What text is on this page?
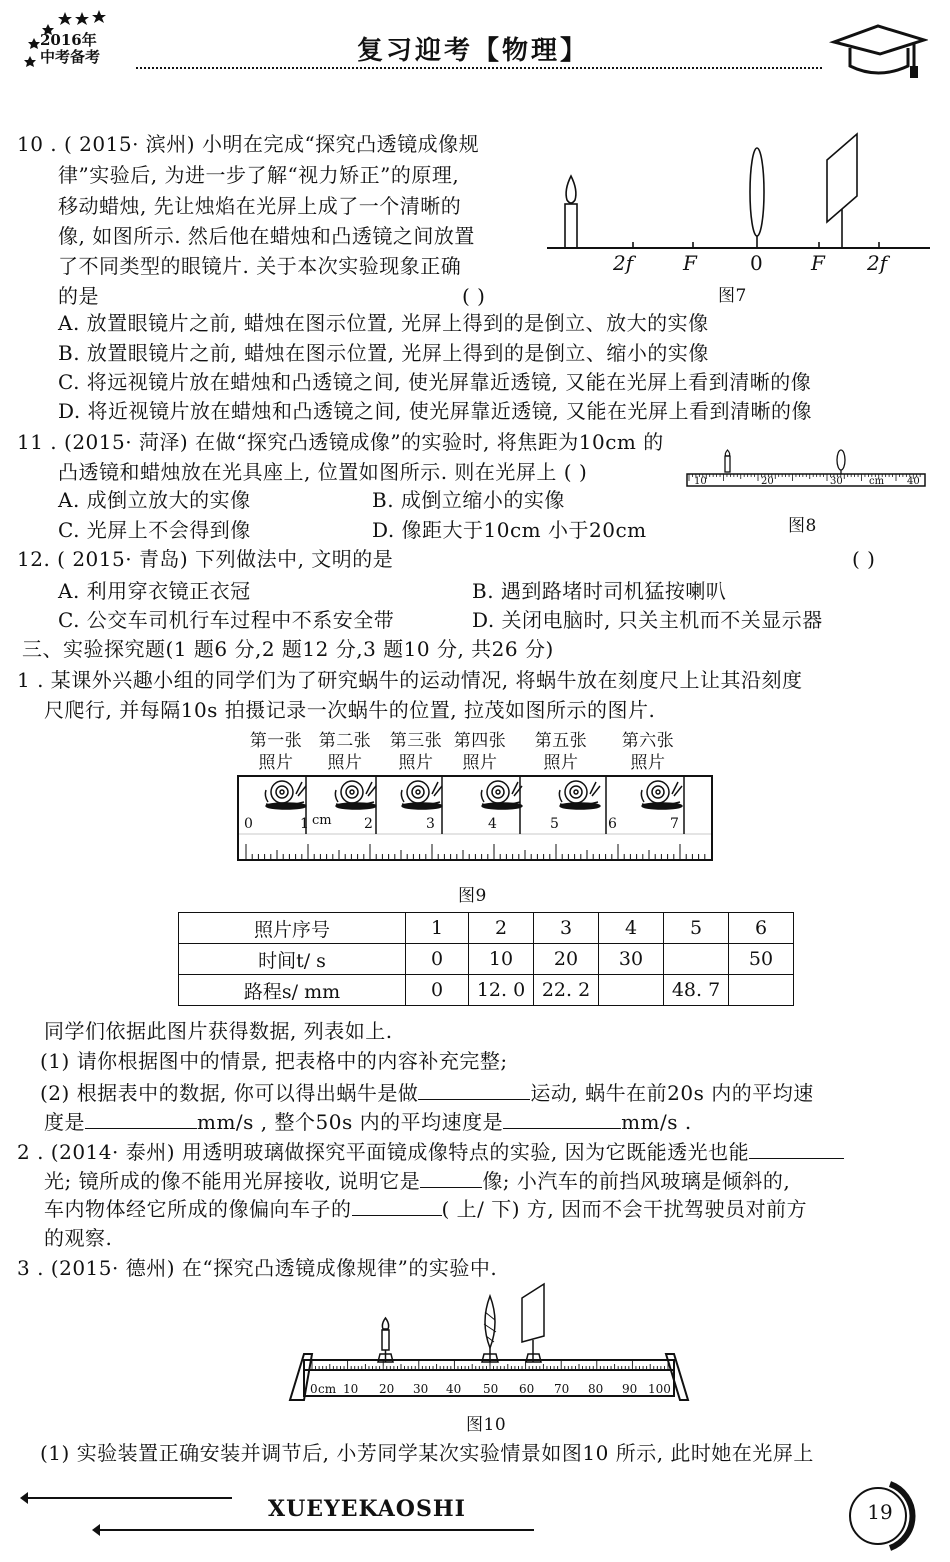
2016年
中考备考	复习迎考【物理】
10 . ( 2015· 滨州) 小明在完成“探究凸透镜成像规
律”实验后, 为进一步了解“视力矫正”的原理,
移动蜡烛, 先让烛焰在光屏上成了一个清晰的
像, 如图所示. 然后他在蜡烛和凸透镜之间放置
了不同类型的眼镜片. 关于本次实验现象正确
的是	( )
2f F	0 F 2f
图7
A. 放置眼镜片之前, 蜡烛在图示位置, 光屏上得到的是倒立、放大的实像
B. 放置眼镜片之前, 蜡烛在图示位置, 光屏上得到的是倒立、缩小的实像
C. 将远视镜片放在蜡烛和凸透镜之间, 使光屏靠近透镜, 又能在光屏上看到清晰的像
D. 将近视镜片放在蜡烛和凸透镜之间, 使光屏靠近透镜, 又能在光屏上看到清晰的像
11 . (2015· 菏泽) 在做“探究凸透镜成像”的实验时, 将焦距为10cm 的
凸透镜和蜡烛放在光具座上, 位置如图所示. 则在光屏上 ( )
A. 成倒立放大的实像	B. 成倒立缩小的实像
C. 光屏上不会得到像	D. 像距大于10cm 小于20cm
10	20	30	cm 40
图8
12. ( 2015· 青岛) 下列做法中, 文明的是	( )
A. 利用穿衣镜正衣冠	B. 遇到路堵时司机猛按喇叭
C. 公交车司机行车过程中不系安全带	D. 关闭电脑时, 只关主机而不关显示器
三、实验探究题(1 题6 分,2 题12 分,3 题10 分, 共26 分)
1 . 某课外兴趣小组的同学们为了研究蜗牛的运动情况, 将蜗牛放在刻度尺上让其沿刻度
尺爬行, 并每隔10s 拍摄记录一次蜗牛的位置, 拉茂如图所示的图片.
第一张
照片
第二张
照片
第三张
照片
第四张
照片
第五张
照片
第六张
照片
0	1 cm 2	3	4	5	6	7
图9
照片序号	1	2	3	4	5	6
时间t/ s	0	10	20	30		50
路程s/ mm	0	12. 0	22. 2		48. 7	
同学们依据此图片获得数据, 列表如上.
(1) 请你根据图中的情景, 把表格中的内容补充完整;
(2) 根据表中的数据, 你可以得出蜗牛是做	运动, 蜗牛在前20s 内的平均速
度是	mm/s , 整个50s 内的平均速度是	mm/s .
2 . (2014· 泰州) 用透明玻璃做探究平面镜成像特点的实验, 因为它既能透光也能
光; 镜所成的像不能用光屏接收, 说明它是	像; 小汽车的前挡风玻璃是倾斜的,
车内物体经它所成的像偏向车子的	( 上/ 下) 方, 因而不会干扰驾驶员对前方
的观察.
3 . (2015· 德州) 在“探究凸透镜成像规律”的实验中.
0 cm 10 20 30 40 50 60 70 80 90 100
图10
(1) 实验装置正确安装并调节后, 小芳同学某次实验情景如图10 所示, 此时她在光屏上
XUEYEKAOSHI	19
